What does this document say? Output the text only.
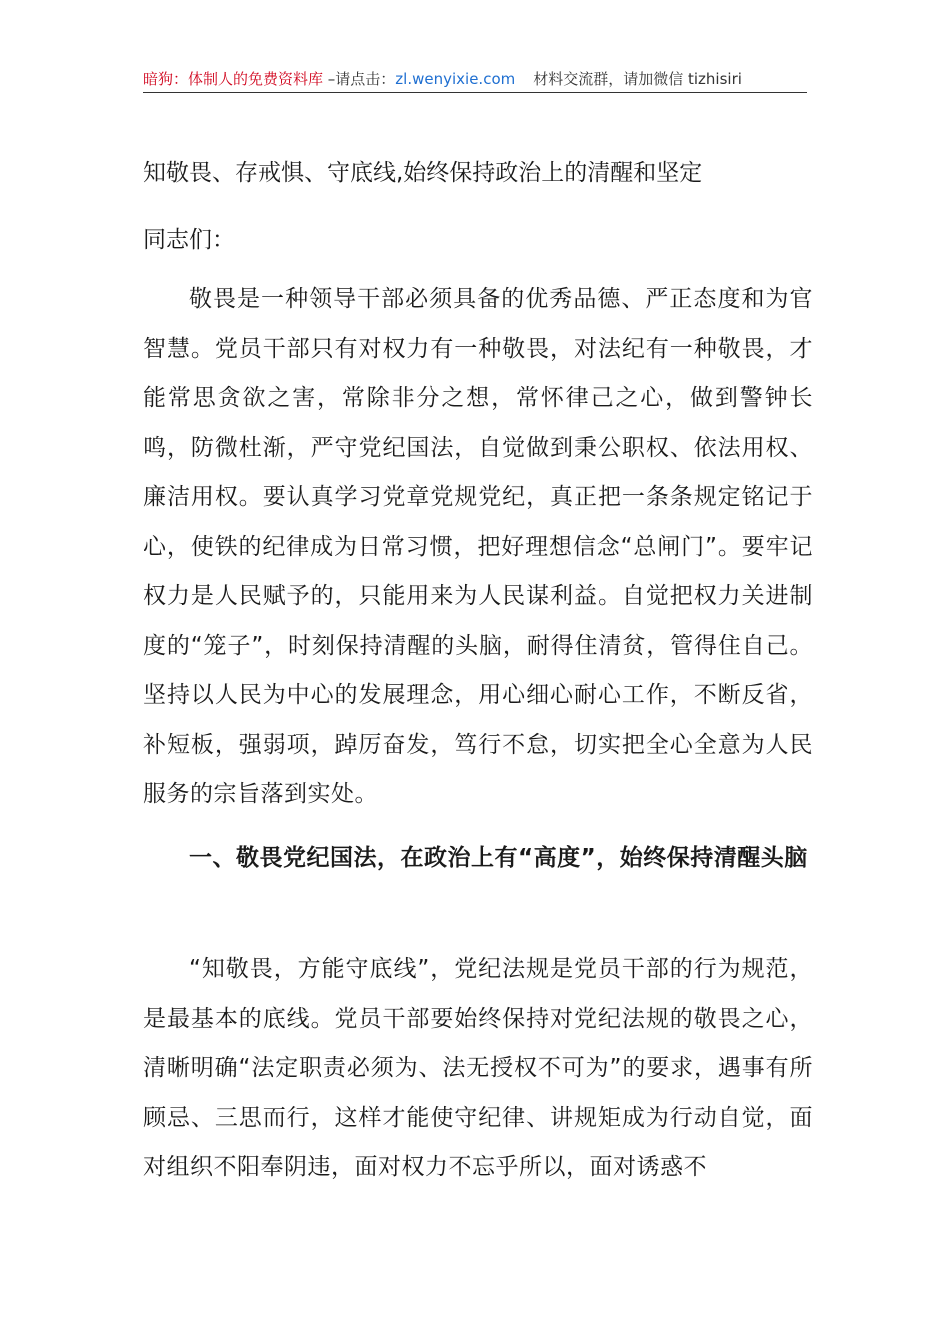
暗狗：体制人的免费资料库 –请点击：zl.wenyixie.com 材料交流群，请加微信 tizhisiri
知敬畏、存戒惧、守底线,始终保持政治上的清醒和坚定

同志们：

敬畏是一种领导干部必须具备的优秀品德、严正态度和为官智慧。党员干部只有对权力有一种敬畏，对法纪有一种敬畏，才能常思贪欲之害，常除非分之想，常怀律己之心，做到警钟长鸣，防微杜渐，严守党纪国法，自觉做到秉公职权、依法用权、廉洁用权。要认真学习党章党规党纪，真正把一条条规定铭记于心，使铁的纪律成为日常习惯，把好理想信念“总闸门”。要牢记权力是人民赋予的，只能用来为人民谋利益。自觉把权力关进制度的“笼子”，时刻保持清醒的头脑，耐得住清贫，管得住自己。坚持以人民为中心的发展理念，用心细心耐心工作，不断反省，补短板，强弱项，踔厉奋发，笃行不怠，切实把全心全意为人民服务的宗旨落到实处。

一、敬畏党纪国法，在政治上有“高度”，始终保持清醒头脑

“知敬畏，方能守底线”，党纪法规是党员干部的行为规范，是最基本的底线。党员干部要始终保持对党纪法规的敬畏之心，清晰明确“法定职责必须为、法无授权不可为”的要求，遇事有所顾忌、三思而行，这样才能使守纪律、讲规矩成为行动自觉，面对组织不阳奉阴违，面对权力不忘乎所以，面对诱惑不
